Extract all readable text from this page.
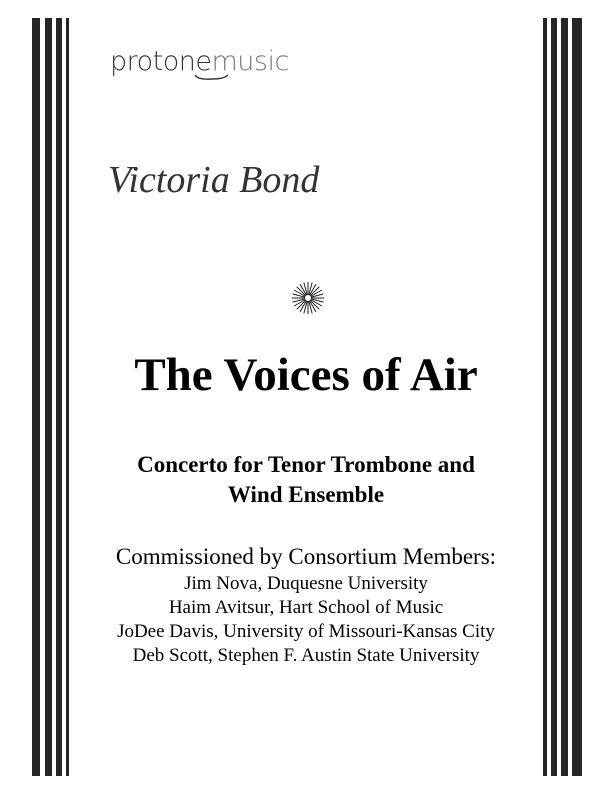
protonemusic
Victoria Bond
The Voices of Air
Concerto for Tenor Trombone and
Wind Ensemble
Commissioned by Consortium Members:
Jim Nova, Duquesne University
Haim Avitsur, Hart School of Music
JoDee Davis, University of Missouri-Kansas City
Deb Scott, Stephen F. Austin State University
